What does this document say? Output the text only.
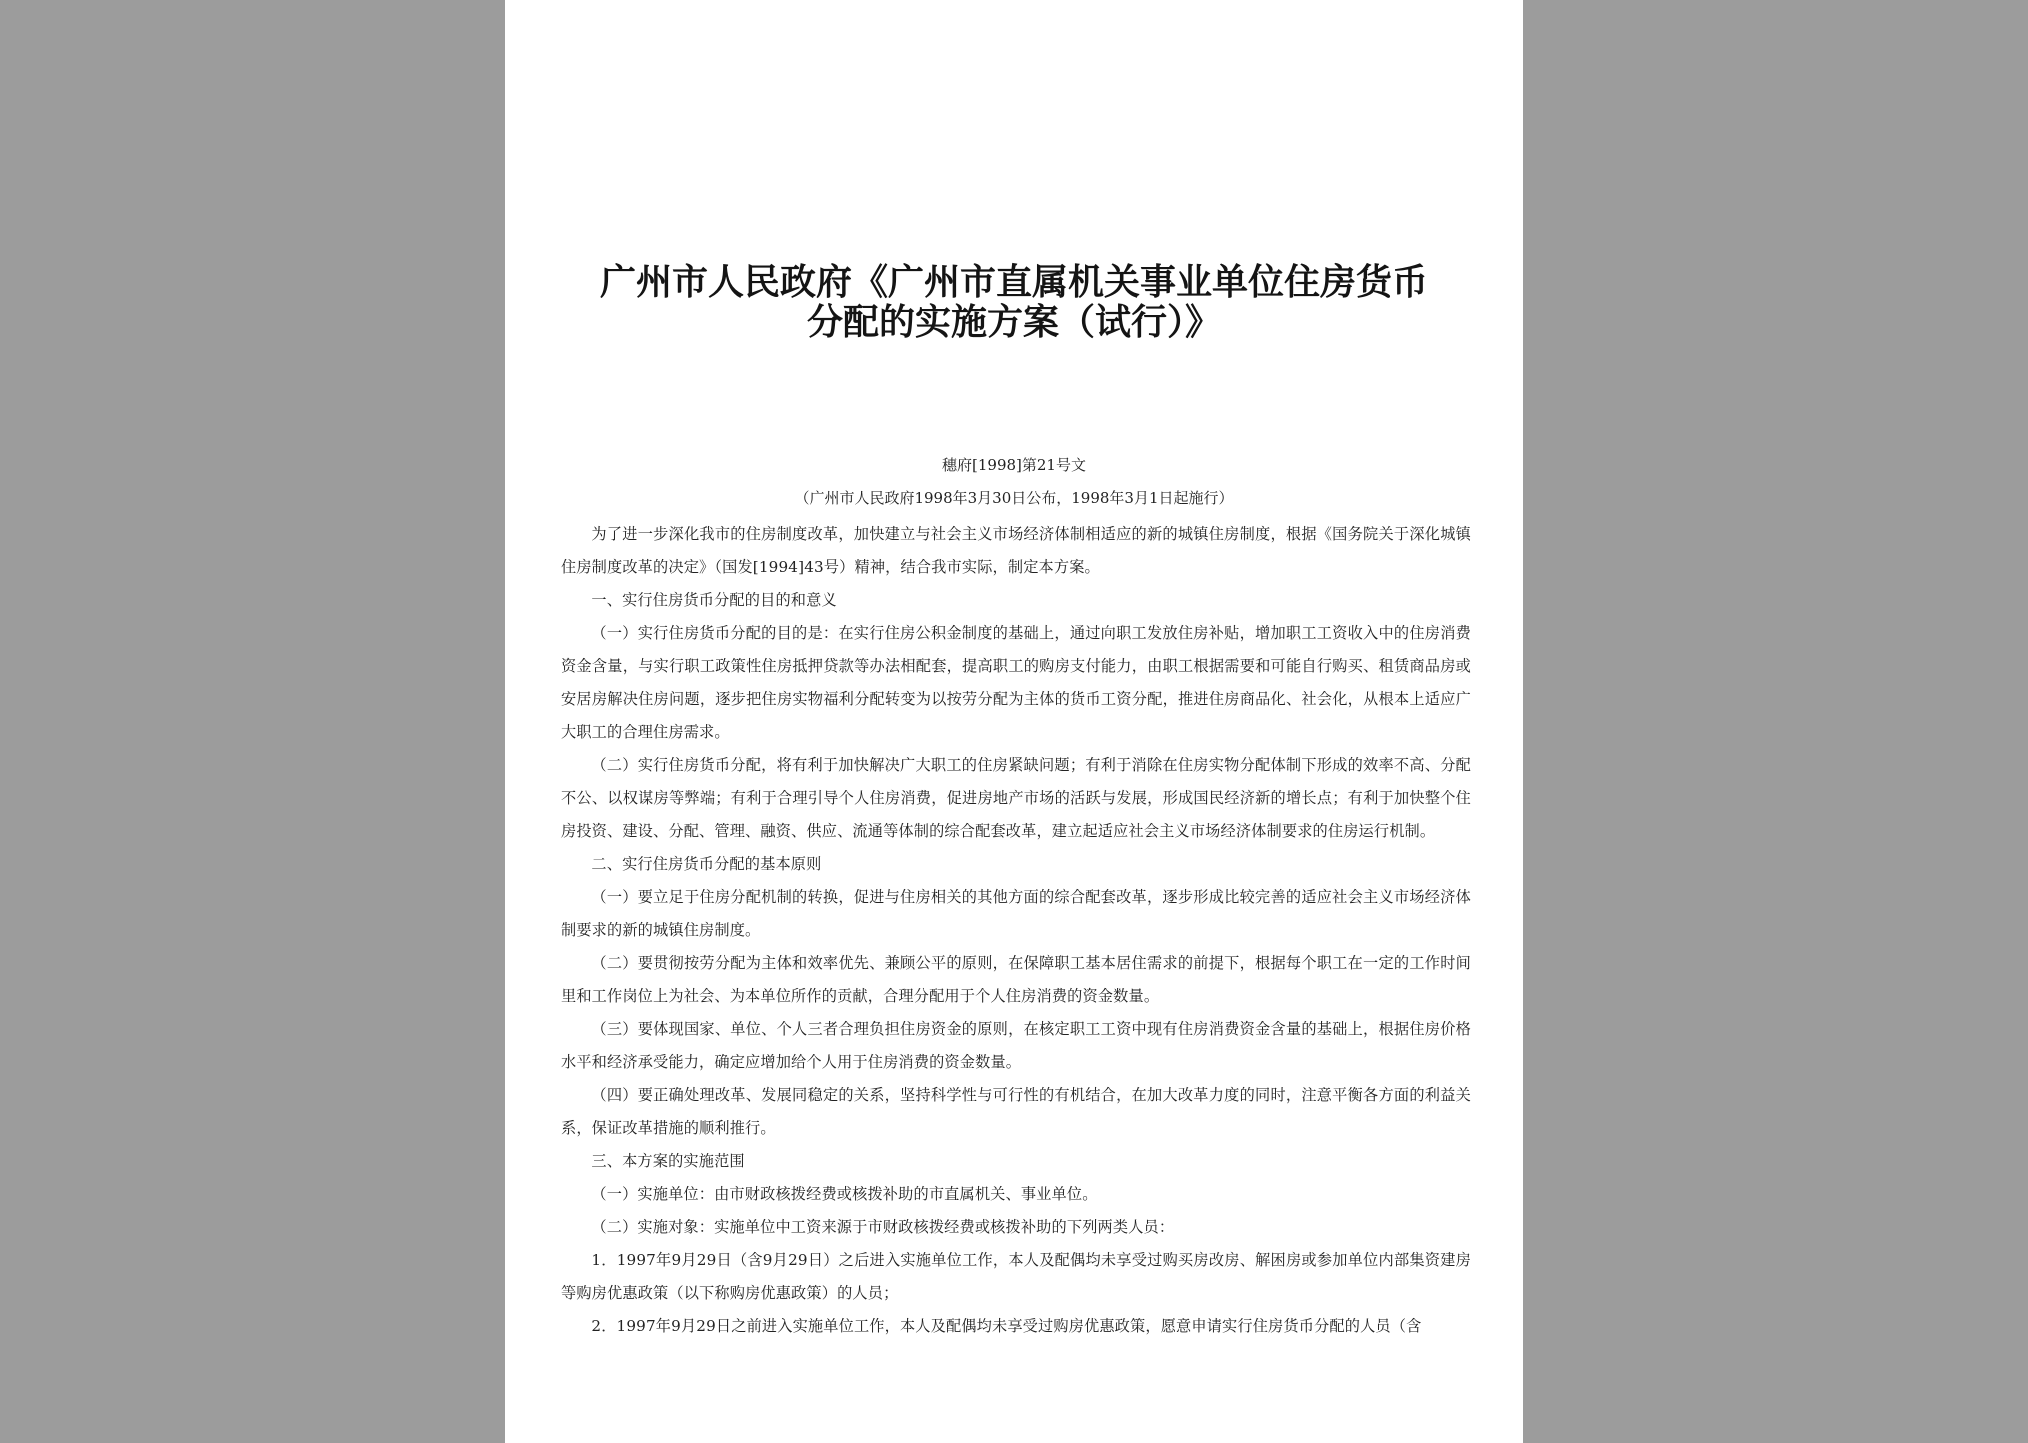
广州市人民政府《广州市直属机关事业单位住房货币
分配的实施方案（试行）》
穗府[1998]第21号文
（广州市人民政府1998年3月30日公布，1998年3月1日起施行）

为了进一步深化我市的住房制度改革，加快建立与社会主义市场经济体制相适应的新的城镇住房制度，根据《国务院关于深化城镇住房制度改革的决定》（国发[1994]43号）精神，结合我市实际，制定本方案。

一、实行住房货币分配的目的和意义

（一）实行住房货币分配的目的是：在实行住房公积金制度的基础上，通过向职工发放住房补贴，增加职工工资收入中的住房消费资金含量，与实行职工政策性住房抵押贷款等办法相配套，提高职工的购房支付能力，由职工根据需要和可能自行购买、租赁商品房或安居房解决住房问题，逐步把住房实物福利分配转变为以按劳分配为主体的货币工资分配，推进住房商品化、社会化，从根本上适应广大职工的合理住房需求。

（二）实行住房货币分配，将有利于加快解决广大职工的住房紧缺问题；有利于消除在住房实物分配体制下形成的效率不高、分配不公、以权谋房等弊端；有利于合理引导个人住房消费，促进房地产市场的活跃与发展，形成国民经济新的增长点；有利于加快整个住房投资、建设、分配、管理、融资、供应、流通等体制的综合配套改革，建立起适应社会主义市场经济体制要求的住房运行机制。

二、实行住房货币分配的基本原则

（一）要立足于住房分配机制的转换，促进与住房相关的其他方面的综合配套改革，逐步形成比较完善的适应社会主义市场经济体制要求的新的城镇住房制度。

（二）要贯彻按劳分配为主体和效率优先、兼顾公平的原则，在保障职工基本居住需求的前提下，根据每个职工在一定的工作时间里和工作岗位上为社会、为本单位所作的贡献，合理分配用于个人住房消费的资金数量。

（三）要体现国家、单位、个人三者合理负担住房资金的原则，在核定职工工资中现有住房消费资金含量的基础上，根据住房价格水平和经济承受能力，确定应增加给个人用于住房消费的资金数量。

（四）要正确处理改革、发展同稳定的关系，坚持科学性与可行性的有机结合，在加大改革力度的同时，注意平衡各方面的利益关系，保证改革措施的顺利推行。

三、本方案的实施范围

（一）实施单位：由市财政核拨经费或核拨补助的市直属机关、事业单位。

（二）实施对象：实施单位中工资来源于市财政核拨经费或核拨补助的下列两类人员：

1．1997年9月29日（含9月29日）之后进入实施单位工作，本人及配偶均未享受过购买房改房、解困房或参加单位内部集资建房等购房优惠政策（以下称购房优惠政策）的人员；

2．1997年9月29日之前进入实施单位工作，本人及配偶均未享受过购房优惠政策，愿意申请实行住房货币分配的人员（含
